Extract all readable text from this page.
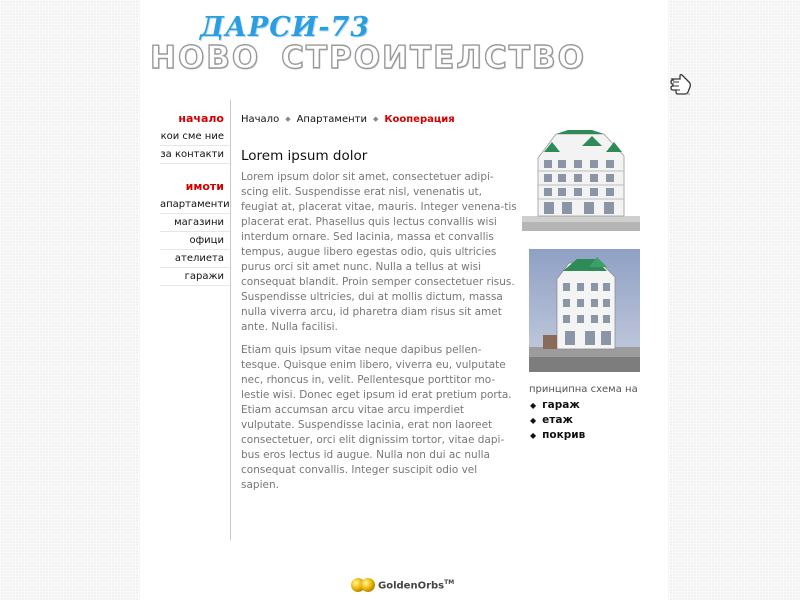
ДАРСИ-73
НОВО СТРОИТЕЛСТВО
начало
кои сме ние
за контакти
имоти
апартаменти
магазини
офици
ателиета
гаражи
Начало ◆ Апартаменти ◆ Кооперация
Lorem ipsum dolor

Lorem ipsum dolor sit amet, consectetuer adipi-scing elit. Suspendisse erat nisl, venenatis ut, feugiat at, placerat vitae, mauris. Integer venena-tis placerat erat. Phasellus quis lectus convallis wisi interdum ornare. Sed lacinia, massa et convallis tempus, augue libero egestas odio, quis ultricies purus orci sit amet nunc. Nulla a tellus at wisi consequat blandit. Proin semper consectetuer risus. Suspendisse ultricies, dui at mollis dictum, massa nulla viverra arcu, id pharetra diam risus sit amet ante. Nulla facilisi.

Etiam quis ipsum vitae neque dapibus pellen-tesque. Quisque enim libero, viverra eu, vulputate nec, rhoncus in, velit. Pellentesque porttitor mo-lestie wisi. Donec eget ipsum id erat pretium porta. Etiam accumsan arcu vitae arcu imperdiet vulputate. Suspendisse lacinia, erat non laoreet consectetuer, orci elit dignissim tortor, vitae dapi-bus eros lectus id augue. Nulla non dui ac nulla consequat convallis. Integer suscipit odio vel sapien.

принципна схема на
◆ гараж
◆ етаж
◆ покрив
GoldenOrbs™
